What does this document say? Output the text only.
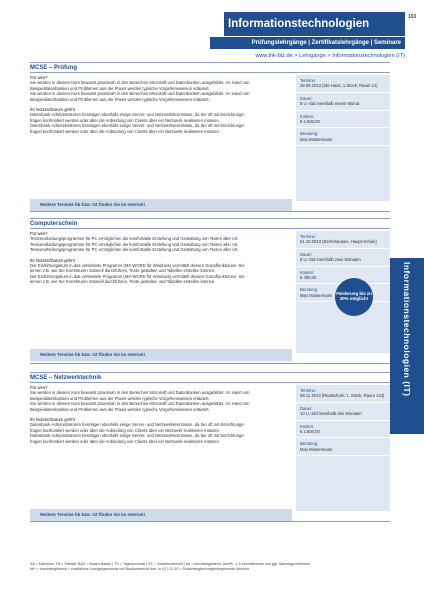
Informationstechnologien
103
Prüfungslehrgänge | Zertifikatslehrgänge | Seminare
www.ihk-biz.de > Lehrgänge > Informationstechnologien (IT)
MCSE – Prüfung
Für wen?
Sie werden in diesem Kurs bewusst praxisnah in den Bereichen Microsoft und Datenbanken ausgebildet. An Hand von
Beispieldatenbanken und Problemen aus der Praxis werden typische Vorgehensweisen erläutert.
Sie werden in diesem Kurs bewusst praxisnah in den Bereichen Microsoft und Datenbanken ausgebildet. An Hand von
Beispieldatenbanken und Problemen aus der Praxis werden typische Vorgehensweisen erläutert.
Ihr Nutzen/Darum geht's
Datenbank-Administratoren benötigen ebenfalls einige Server- und Netzwerkkenntnisse, da Sie oft mit Einrichtungs-
fragen konfrontiert werden oder aber die Anbindung von Clients über ein Netzwerk realisieren müssen.
Datenbank-Administratoren benötigen ebenfalls einige Server- und Netzwerkkenntnisse, da Sie oft mit Einrichtungs-
fragen konfrontiert werden oder aber die Anbindung von Clients über ein Netzwerk realisieren müssen.
Termine:
28.09.2013 (Ido-Haus; 1.Stock; Raum 14)
Dauer:
8 U.-Std innerhalb einem Monat
Kosten:
€ 2.800,00
Beratung:
Max Mustermann
Weitere Termine bb bzw. VZ finden Sie im Internet!
Computerschein
Für wen?
Textverarbeitungsprogramme für PC ermöglichen die komfortable Erstellung und Gestaltung von Texten aller Art.
Textverarbeitungsprogramme für PC ermöglichen die komfortable Erstellung und Gestaltung von Texten aller Art.
Textverarbeitungsprogramme für PC ermöglichen die komfortable Erstellung und Gestaltung von Texten aller Art.
Ihr Nutzen/Darum geht's
Der Einführungskurs in das verbreitete Programm (MS-WORD für Windows) vermittelt dessen Grundfunktionen. Sie
lernen z.B. wie Sie Korrekturen rationell durchführen, Texte gestalten und Tabellen erstellen können.
Der Einführungskurs in das verbreitete Programm (MS-WORD für Windows) vermittelt dessen Grundfunktionen. Sie
lernen z.B. wie Sie Korrekturen rationell durchführen, Texte gestalten und Tabellen erstellen können.
Termine:
01.10.2013 (Demohausen, Haupt-schule)
Dauer:
8 U.-Std innerhalb zwei Monaten
Kosten:
€ 450,00
Beratung:
Max Mustermann
Weitere Termine bb bzw. VZ finden Sie im Internet!
Förderung bis zu 30% möglich!
MCSE – Netzwerktechnik
Für wen?
Sie werden in diesem Kurs bewusst praxisnah in den Bereichen Microsoft und Datenbanken ausgebildet. An Hand von
Beispieldatenbanken und Problemen aus der Praxis werden typische Vorgehensweisen erläutert.
Sie werden in diesem Kurs bewusst praxisnah in den Bereichen Microsoft und Datenbanken ausgebildet. An Hand von
Beispieldatenbanken und Problemen aus der Praxis werden typische Vorgehensweisen erläutert.
Ihr Nutzen/Darum geht's
Datenbank-Administratoren benötigen ebenfalls einige Server- und Netzwerkkenntnisse, da Sie oft mit Einrichtungs-
fragen konfrontiert werden oder aber die Anbindung von Clients über ein Netzwerk realisieren müssen.
Datenbank-Administratoren benötigen ebenfalls einige Server- und Netzwerkkenntnisse, da Sie oft mit Einrichtungs-
fragen konfrontiert werden oder aber die Anbindung von Clients über ein Netzwerk realisieren müssen.
Termine:
09.11.2013 (Realschule; 1. Stock; Raum 143)
Dauer:
10 U.-Std innerhalb drei Monaten
Kosten:
€ 2.800,00
Beratung:
Max Mustermann
Weitere Termine bb bzw. VZ finden Sie im Internet!
Informationstechnologien (IT)
KA = Karlsruhe, PA = Rastatt, BAD = Baden-Baden | TS = Tagesseminar | VZ = Vollzeitunterricht | bb = berufsbegleitend, AbePh. 1-3 Abendtermine und ggf. Samstagsunterricht
bb+ = berufsbegleitend + zusätzliche Lehrgangsmodule mit Blockunterricht bzw. in VZ | 01.52 = Schichtbeginn/umgendegebende Wochen
